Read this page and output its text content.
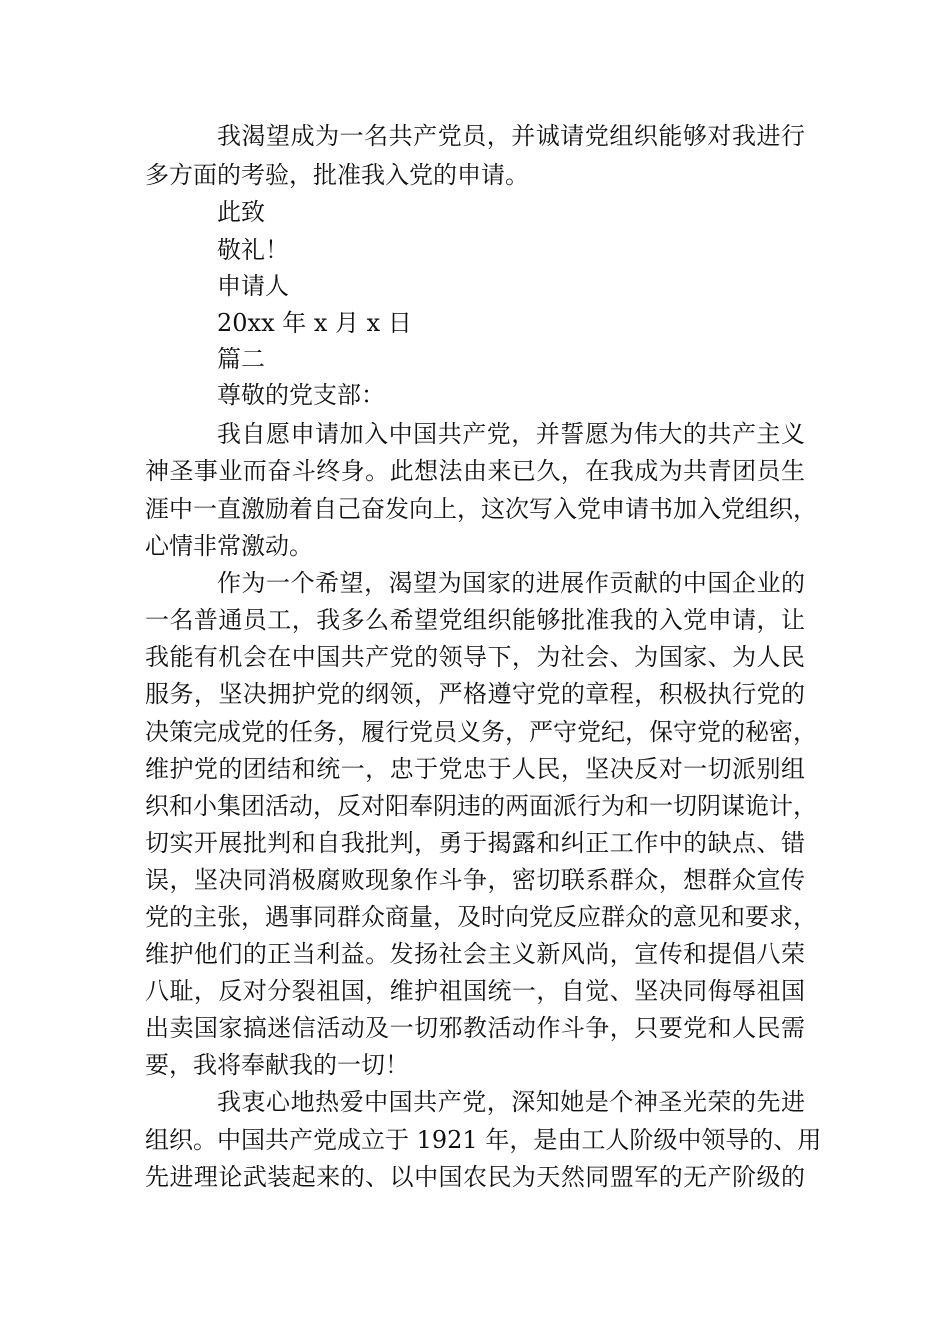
我渴望成为一名共产党员，并诚请党组织能够对我进行
多方面的考验，批准我入党的申请。
此致
敬礼！
申请人
20xx 年 x 月 x 日
篇二
尊敬的党支部：
我自愿申请加入中国共产党，并誓愿为伟大的共产主义
神圣事业而奋斗终身。此想法由来已久，在我成为共青团员生
涯中一直激励着自己奋发向上，这次写入党申请书加入党组织，
心情非常激动。
作为一个希望，渴望为国家的进展作贡献的中国企业的
一名普通员工，我多么希望党组织能够批准我的入党申请，让
我能有机会在中国共产党的领导下，为社会、为国家、为人民
服务，坚决拥护党的纲领，严格遵守党的章程，积极执行党的
决策完成党的任务，履行党员义务，严守党纪，保守党的秘密，
维护党的团结和统一，忠于党忠于人民，坚决反对一切派别组
织和小集团活动，反对阳奉阴违的两面派行为和一切阴谋诡计，
切实开展批判和自我批判，勇于揭露和纠正工作中的缺点、错
误，坚决同消极腐败现象作斗争，密切联系群众，想群众宣传
党的主张，遇事同群众商量，及时向党反应群众的意见和要求，
维护他们的正当利益。发扬社会主义新风尚，宣传和提倡八荣
八耻，反对分裂祖国，维护祖国统一，自觉、坚决同侮辱祖国
出卖国家搞迷信活动及一切邪教活动作斗争，只要党和人民需
要，我将奉献我的一切！
我衷心地热爱中国共产党，深知她是个神圣光荣的先进
组织。中国共产党成立于 1921 年，是由工人阶级中领导的、用
先进理论武装起来的、以中国农民为天然同盟军的无产阶级的
